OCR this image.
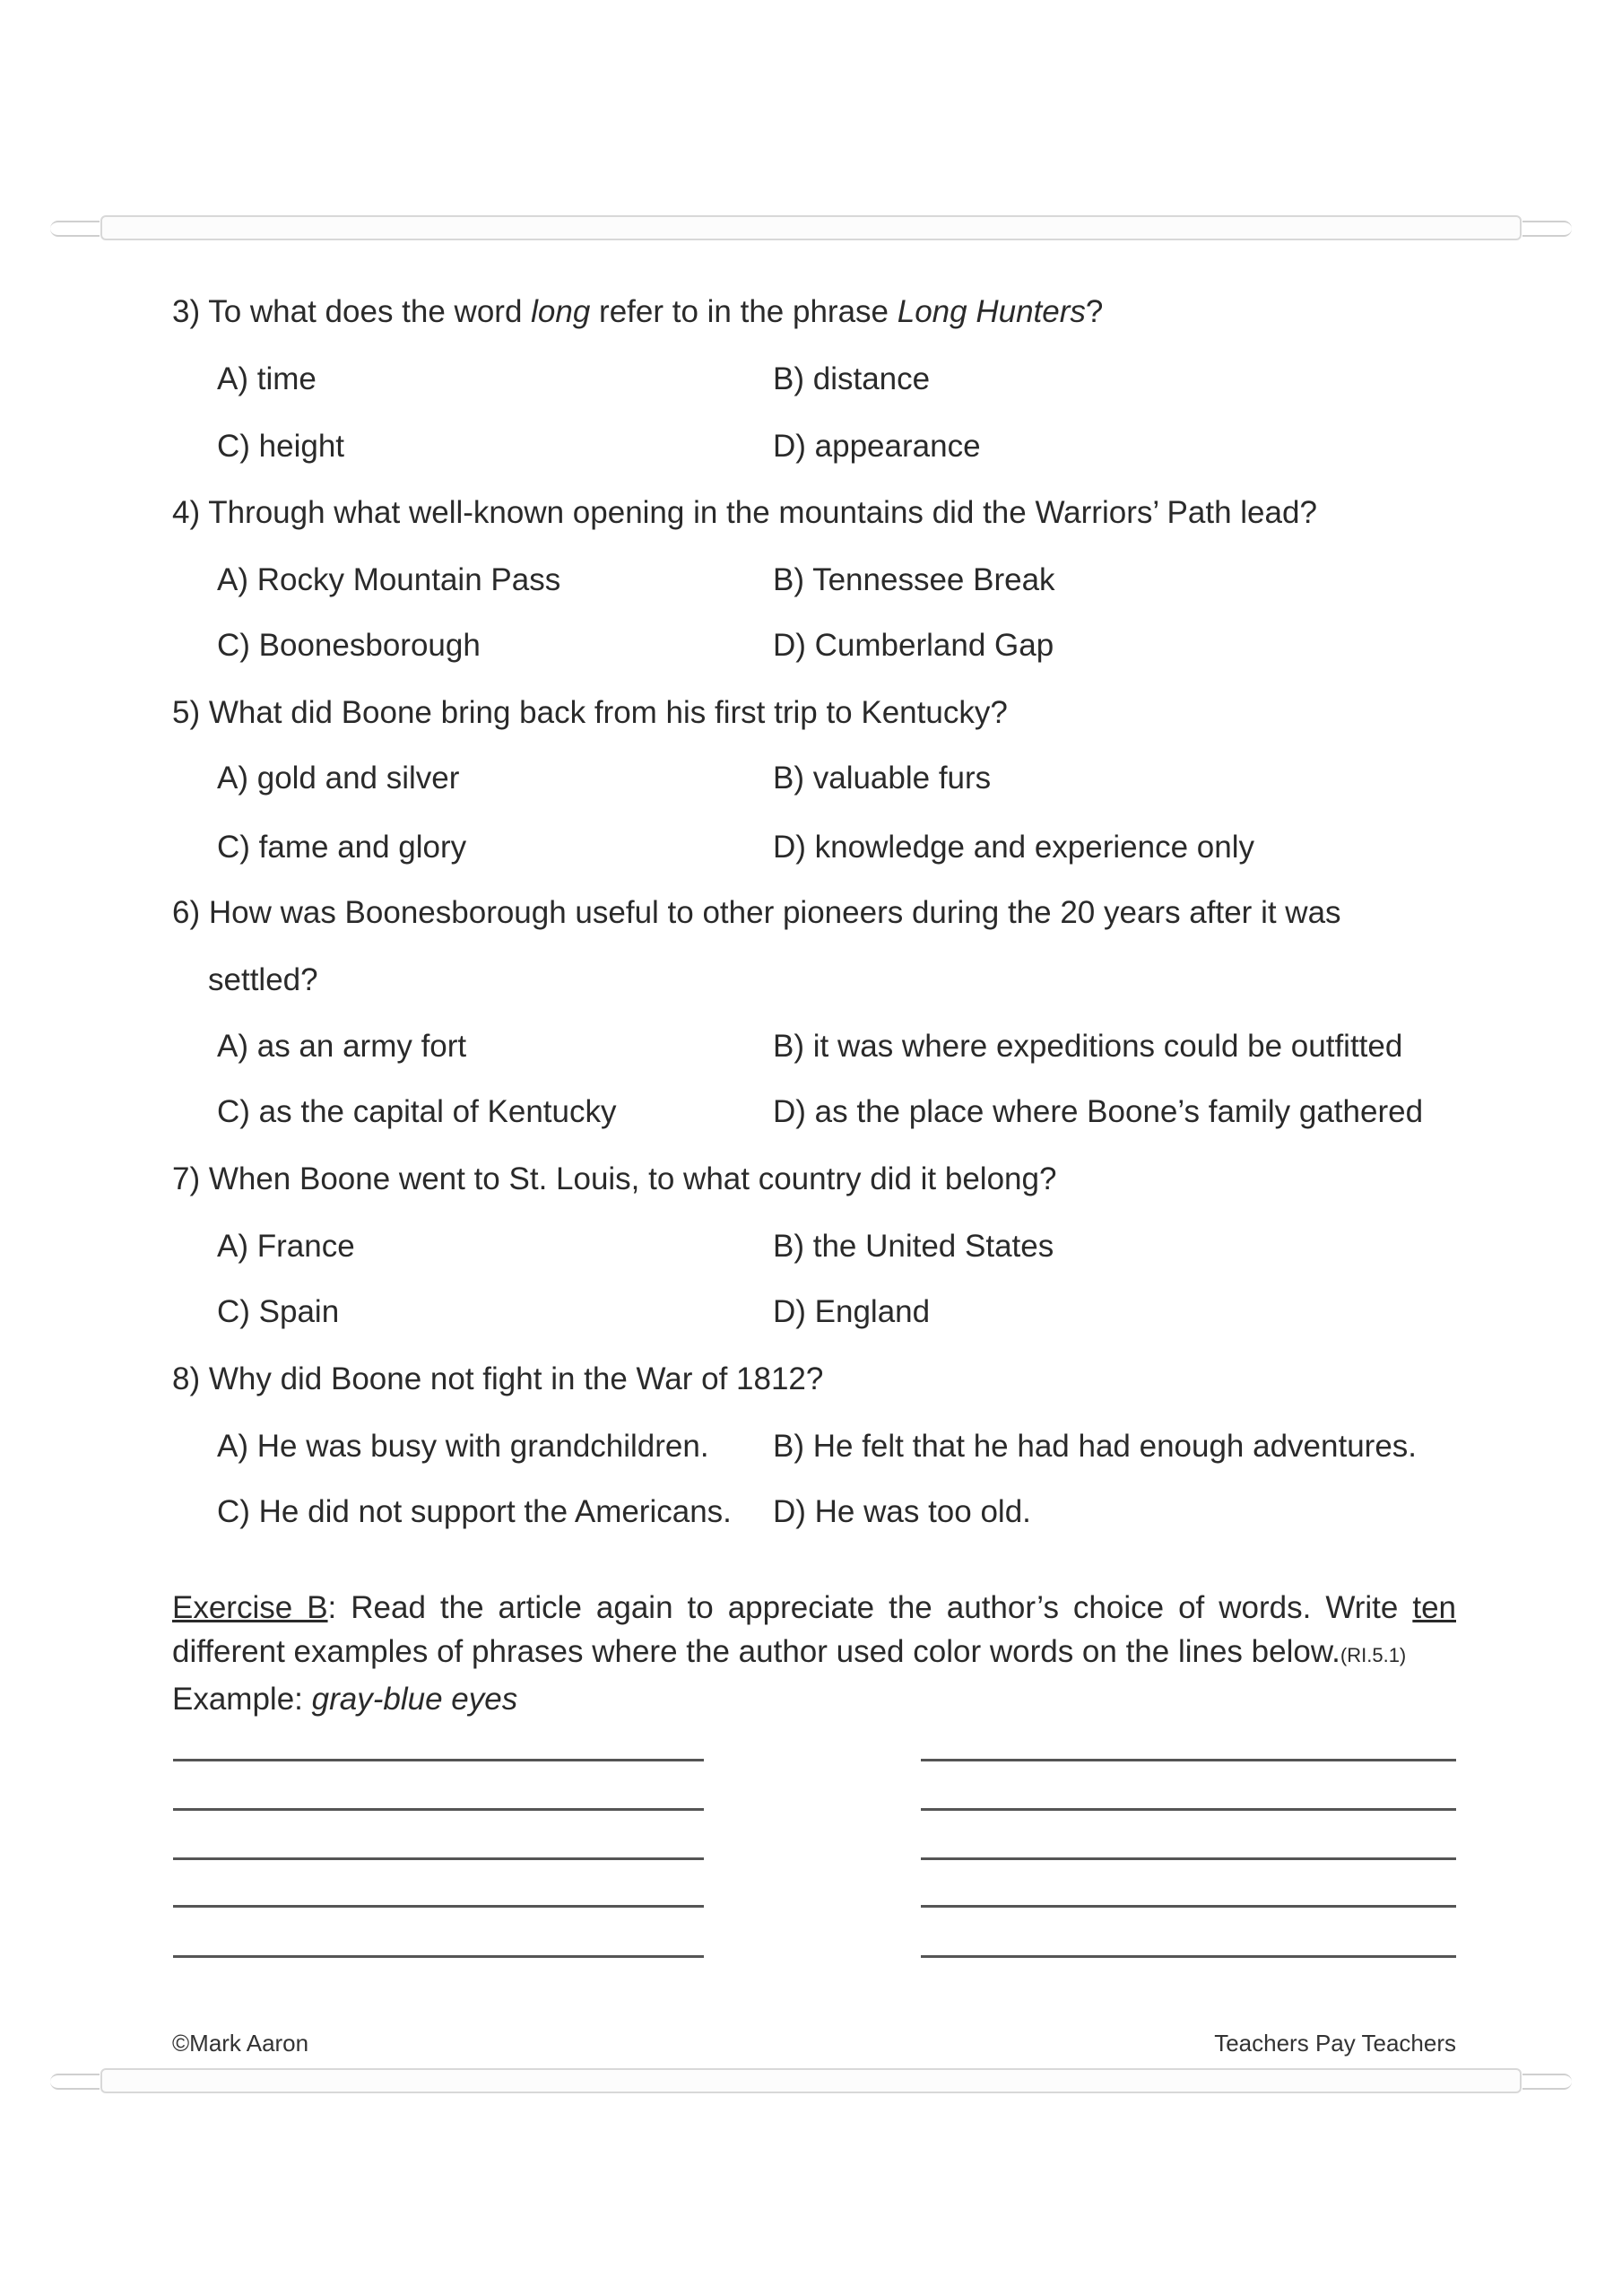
3) To what does the word long refer to in the phrase Long Hunters?
A) time	B) distance
C) height	D) appearance
4) Through what well-known opening in the mountains did the Warriors’ Path lead?
A) Rocky Mountain Pass	B) Tennessee Break
C) Boonesborough	D) Cumberland Gap
5) What did Boone bring back from his first trip to Kentucky?
A) gold and silver	B) valuable furs
C) fame and glory	D) knowledge and experience only
6) How was Boonesborough useful to other pioneers during the 20 years after it was
settled?
A) as an army fort	B) it was where expeditions could be outfitted
C) as the capital of Kentucky	D) as the place where Boone’s family gathered
7) When Boone went to St. Louis, to what country did it belong?
A) France	B) the United States
C) Spain	D) England
8) Why did Boone not fight in the War of 1812?
A) He was busy with grandchildren. B) He felt that he had had enough adventures.
C) He did not support the Americans. D) He was too old.
Exercise B: Read the article again to appreciate the author’s choice of words. Write ten different examples of phrases where the author used color words on the lines below.(RI.5.1)
Example: gray-blue eyes
©Mark Aaron	Teachers Pay Teachers
